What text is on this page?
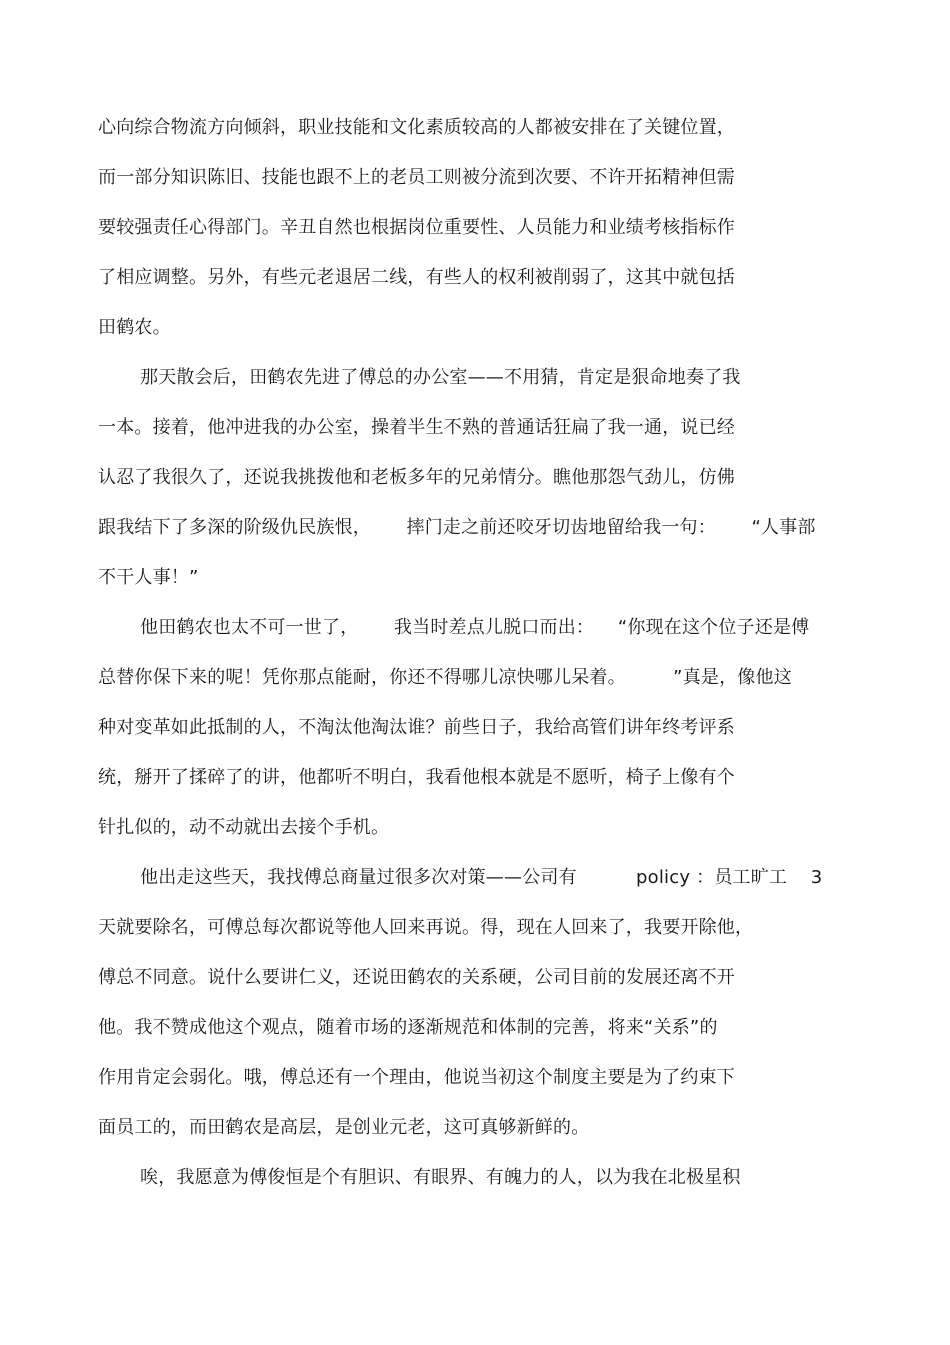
心向综合物流方向倾斜，职业技能和文化素质较高的人都被安排在了关键位置，
而一部分知识陈旧、技能也跟不上的老员工则被分流到次要、不许开拓精神但需
要较强责任心得部门。辛丑自然也根据岗位重要性、人员能力和业绩考核指标作
了相应调整。另外，有些元老退居二线，有些人的权利被削弱了，这其中就包括
田鹤农。
那天散会后，田鹤农先进了傅总的办公室——不用猜，肯定是狠命地奏了我
一本。接着，他冲进我的办公室，操着半生不熟的普通话狂扁了我一通，说已经
认忍了我很久了，还说我挑拨他和老板多年的兄弟情分。瞧他那怨气劲儿，仿佛
跟我结下了多深的阶级仇民族恨，      摔门走之前还咬牙切齿地留给我一句：      “人事部
不干人事！”
他田鹤农也太不可一世了，      我当时差点儿脱口而出：    “你现在这个位子还是傅
总替你保下来的呢！凭你那点能耐，你还不得哪儿凉快哪儿呆着。        ”真是，像他这
种对变革如此抵制的人，不淘汰他淘汰谁？前些日子，我给高管们讲年终考评系
统，掰开了揉碎了的讲，他都听不明白，我看他根本就是不愿听，椅子上像有个
针扎似的，动不动就出去接个手机。
他出走这些天，我找傅总商量过很多次对策——公司有          policy ：员工旷工    3
天就要除名，可傅总每次都说等他人回来再说。得，现在人回来了，我要开除他，
傅总不同意。说什么要讲仁义，还说田鹤农的关系硬，公司目前的发展还离不开
他。我不赞成他这个观点，随着市场的逐渐规范和体制的完善，将来“关系”的
作用肯定会弱化。哦，傅总还有一个理由，他说当初这个制度主要是为了约束下
面员工的，而田鹤农是高层，是创业元老，这可真够新鲜的。
唉，我愿意为傅俊恒是个有胆识、有眼界、有魄力的人，以为我在北极星积
